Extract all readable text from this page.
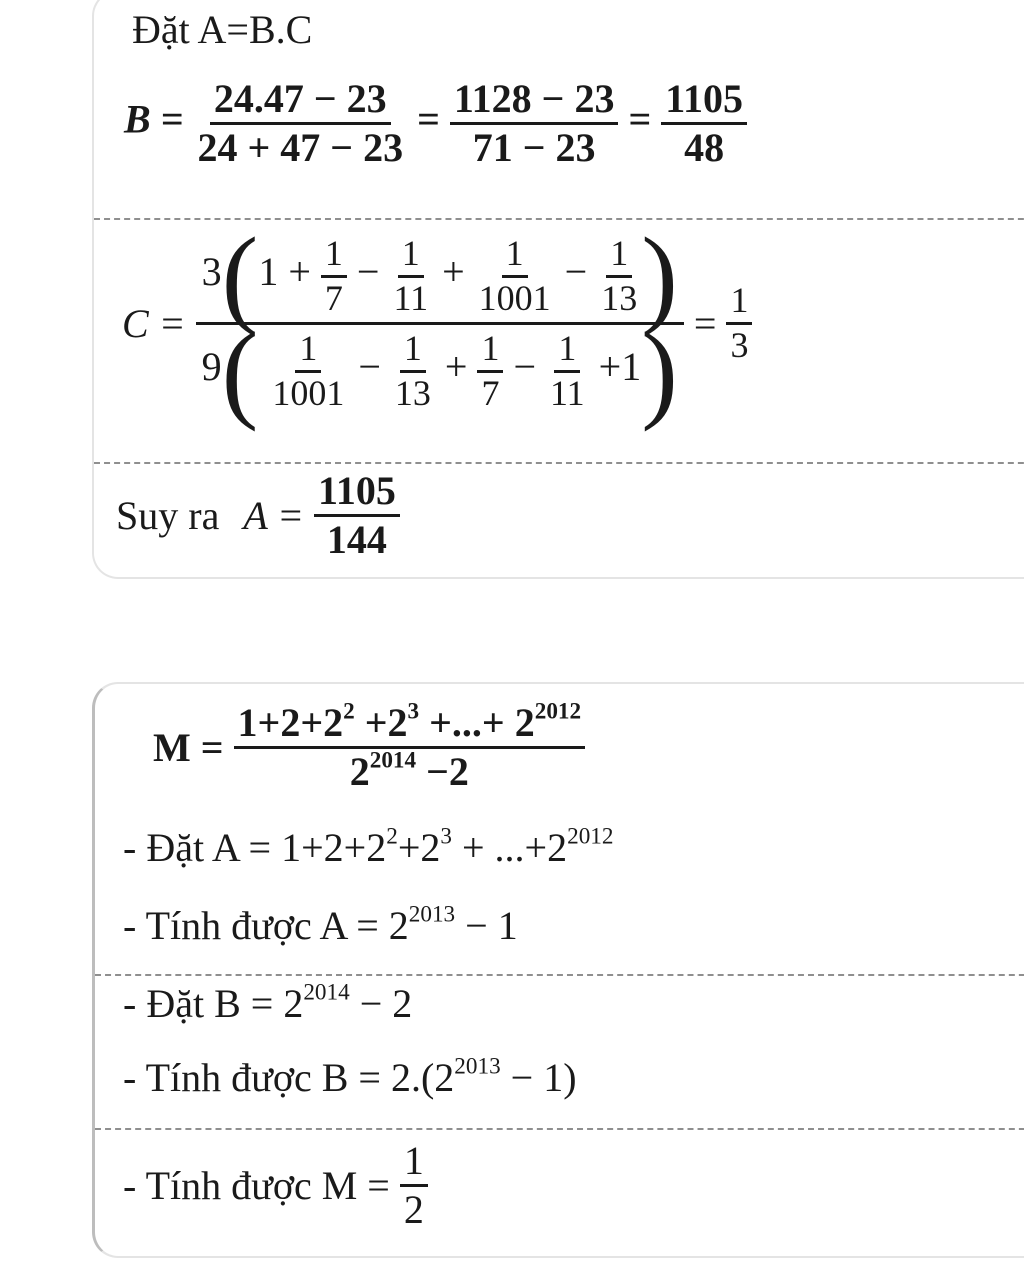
Đặt A=B.C
$B = \frac{24.47 - 23}{24 + 47 - 23} = \frac{1128 - 23}{71 - 23} = \frac{1105}{48}$
C =
$3(1 + \frac{1}{7} - \frac{1}{11} + \frac{1}{1001} - \frac{1}{13}$ )
$9( \frac{1}{1001} - \frac{1}{13} + \frac{1}{7} - \frac{1}{11} +1) = \frac{1}{3}$
Suy ra $A = \frac{1105}{144}$
$M = \frac{1+2+2^2 +2^3 +...+ 2^{2012}}{2^{2014} -2}$
- Đặt $A = 1+2+2^2+2^3 + ...+2^{2012}$
- Tính được $A = 2^{2013} - 1$
- Đặt $B = 2^{2014} - 2$
- Tính được $B = 2.(2^{2013} - 1)$
- Tính được $M = \frac{1}{2}$
